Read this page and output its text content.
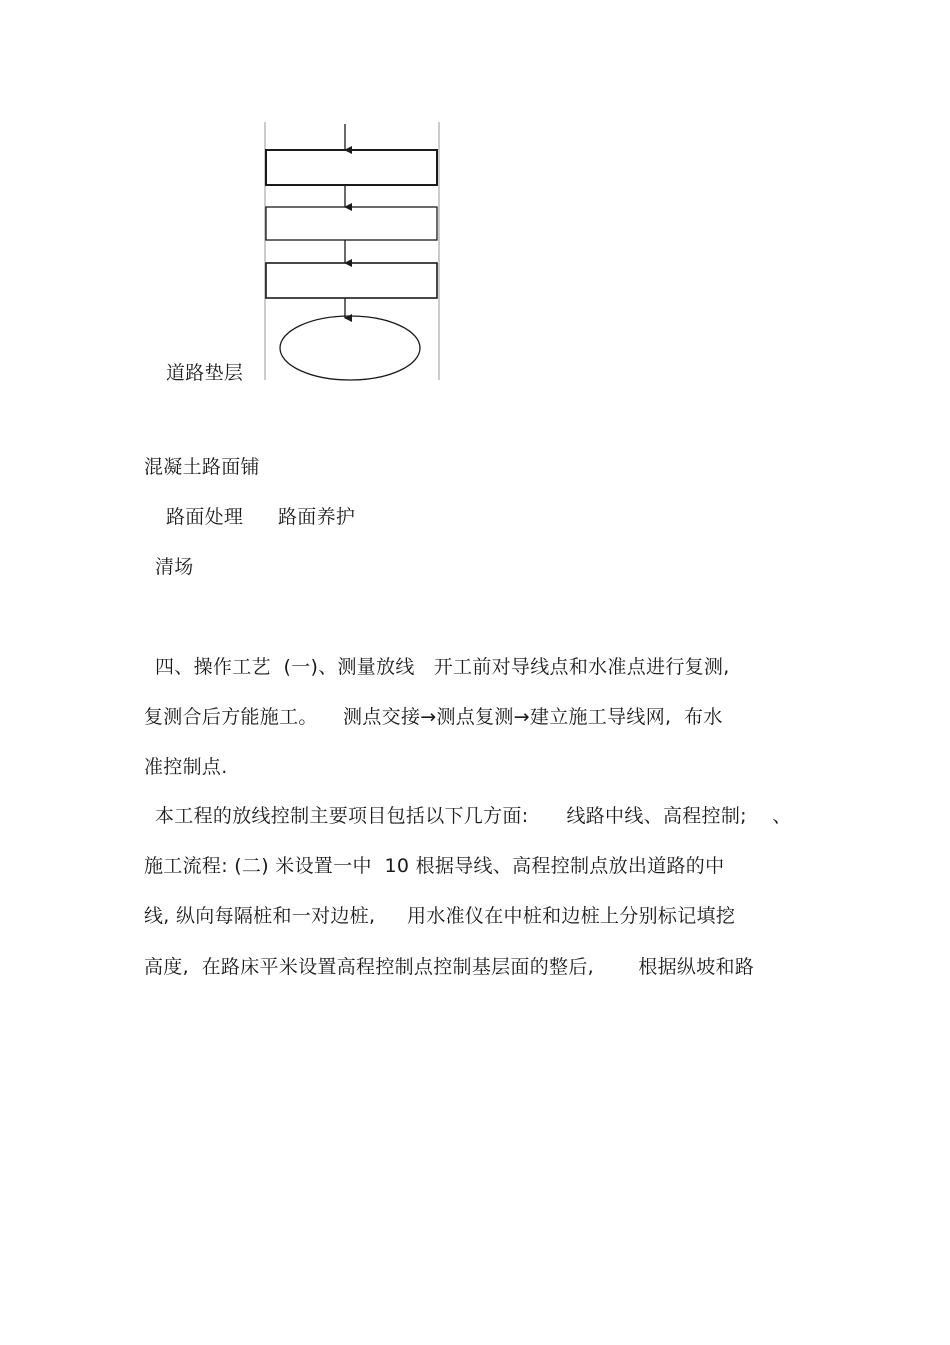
道路垫层
混凝土路面铺
路面处理 路面养护
清场
四、操作工艺  (一)、测量放线   开工前对导线点和水准点进行复测,
复测合后方能施工。    测点交接→测点复测→建立施工导线网,  布水
准控制点.
本工程的放线控制主要项目包括以下几方面:      线路中线、高程控制;    、
施工流程: (二) 米设置一中  10 根据导线、高程控制点放出道路的中
线, 纵向每隔桩和一对边桩,     用水准仪在中桩和边桩上分别标记填挖
高度,  在路床平米设置高程控制点控制基层面的整后,       根据纵坡和路
